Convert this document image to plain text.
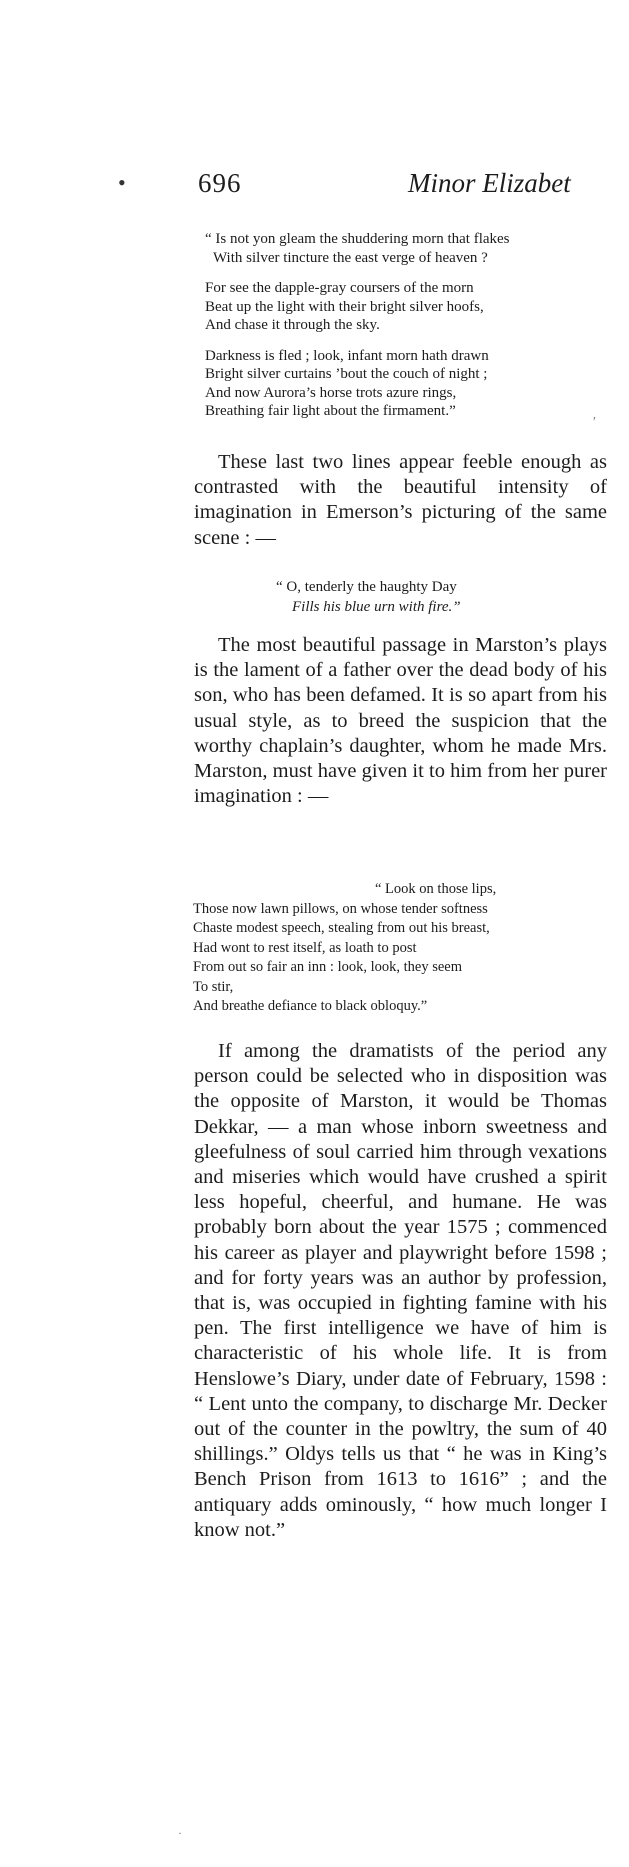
•
′
·
696	Minor Elizabet
“ Is not yon gleam the shuddering morn that flakes
With silver tincture the east verge of heaven ?
For see the dapple-gray coursers of the morn
Beat up the light with their bright silver hoofs,
And chase it through the sky.
Darkness is fled ; look, infant morn hath drawn
Bright silver curtains ’bout the couch of night ;
And now Aurora’s horse trots azure rings,
Breathing fair light about the firmament.”

These last two lines appear feeble enough as contrasted with the beautiful intensity of imagination in Emerson’s picturing of the same scene : —

“ O, tenderly the haughty Day
Fills his blue urn with fire.”

The most beautiful passage in Marston’s plays is the lament of a father over the dead body of his son, who has been defamed. It is so apart from his usual style, as to breed the suspicion that the worthy chaplain’s daughter, whom he made Mrs. Marston, must have given it to him from her purer imagination : —

“ Look on those lips,
Those now lawn pillows, on whose tender softness
Chaste modest speech, stealing from out his breast,
Had wont to rest itself, as loath to post
From out so fair an inn : look, look, they seem
To stir,
And breathe defiance to black obloquy.”

If among the dramatists of the period any person could be selected who in disposition was the opposite of Marston, it would be Thomas Dekkar, — a man whose inborn sweetness and gleefulness of soul carried him through vexations and miseries which would have crushed a spirit less hopeful, cheerful, and humane. He was probably born about the year 1575 ; commenced his career as player and playwright before 1598 ; and for forty years was an author by profession, that is, was occupied in fighting famine with his pen. The first intelligence we have of him is characteristic of his whole life. It is from Henslowe’s Diary, under date of February, 1598 : “ Lent unto the company, to discharge Mr. Decker out of the counter in the powltry, the sum of 40 shillings.” Oldys tells us that “ he was in King’s Bench Prison from 1613 to 1616” ; and the antiquary adds ominously, “ how much longer I know not.”
